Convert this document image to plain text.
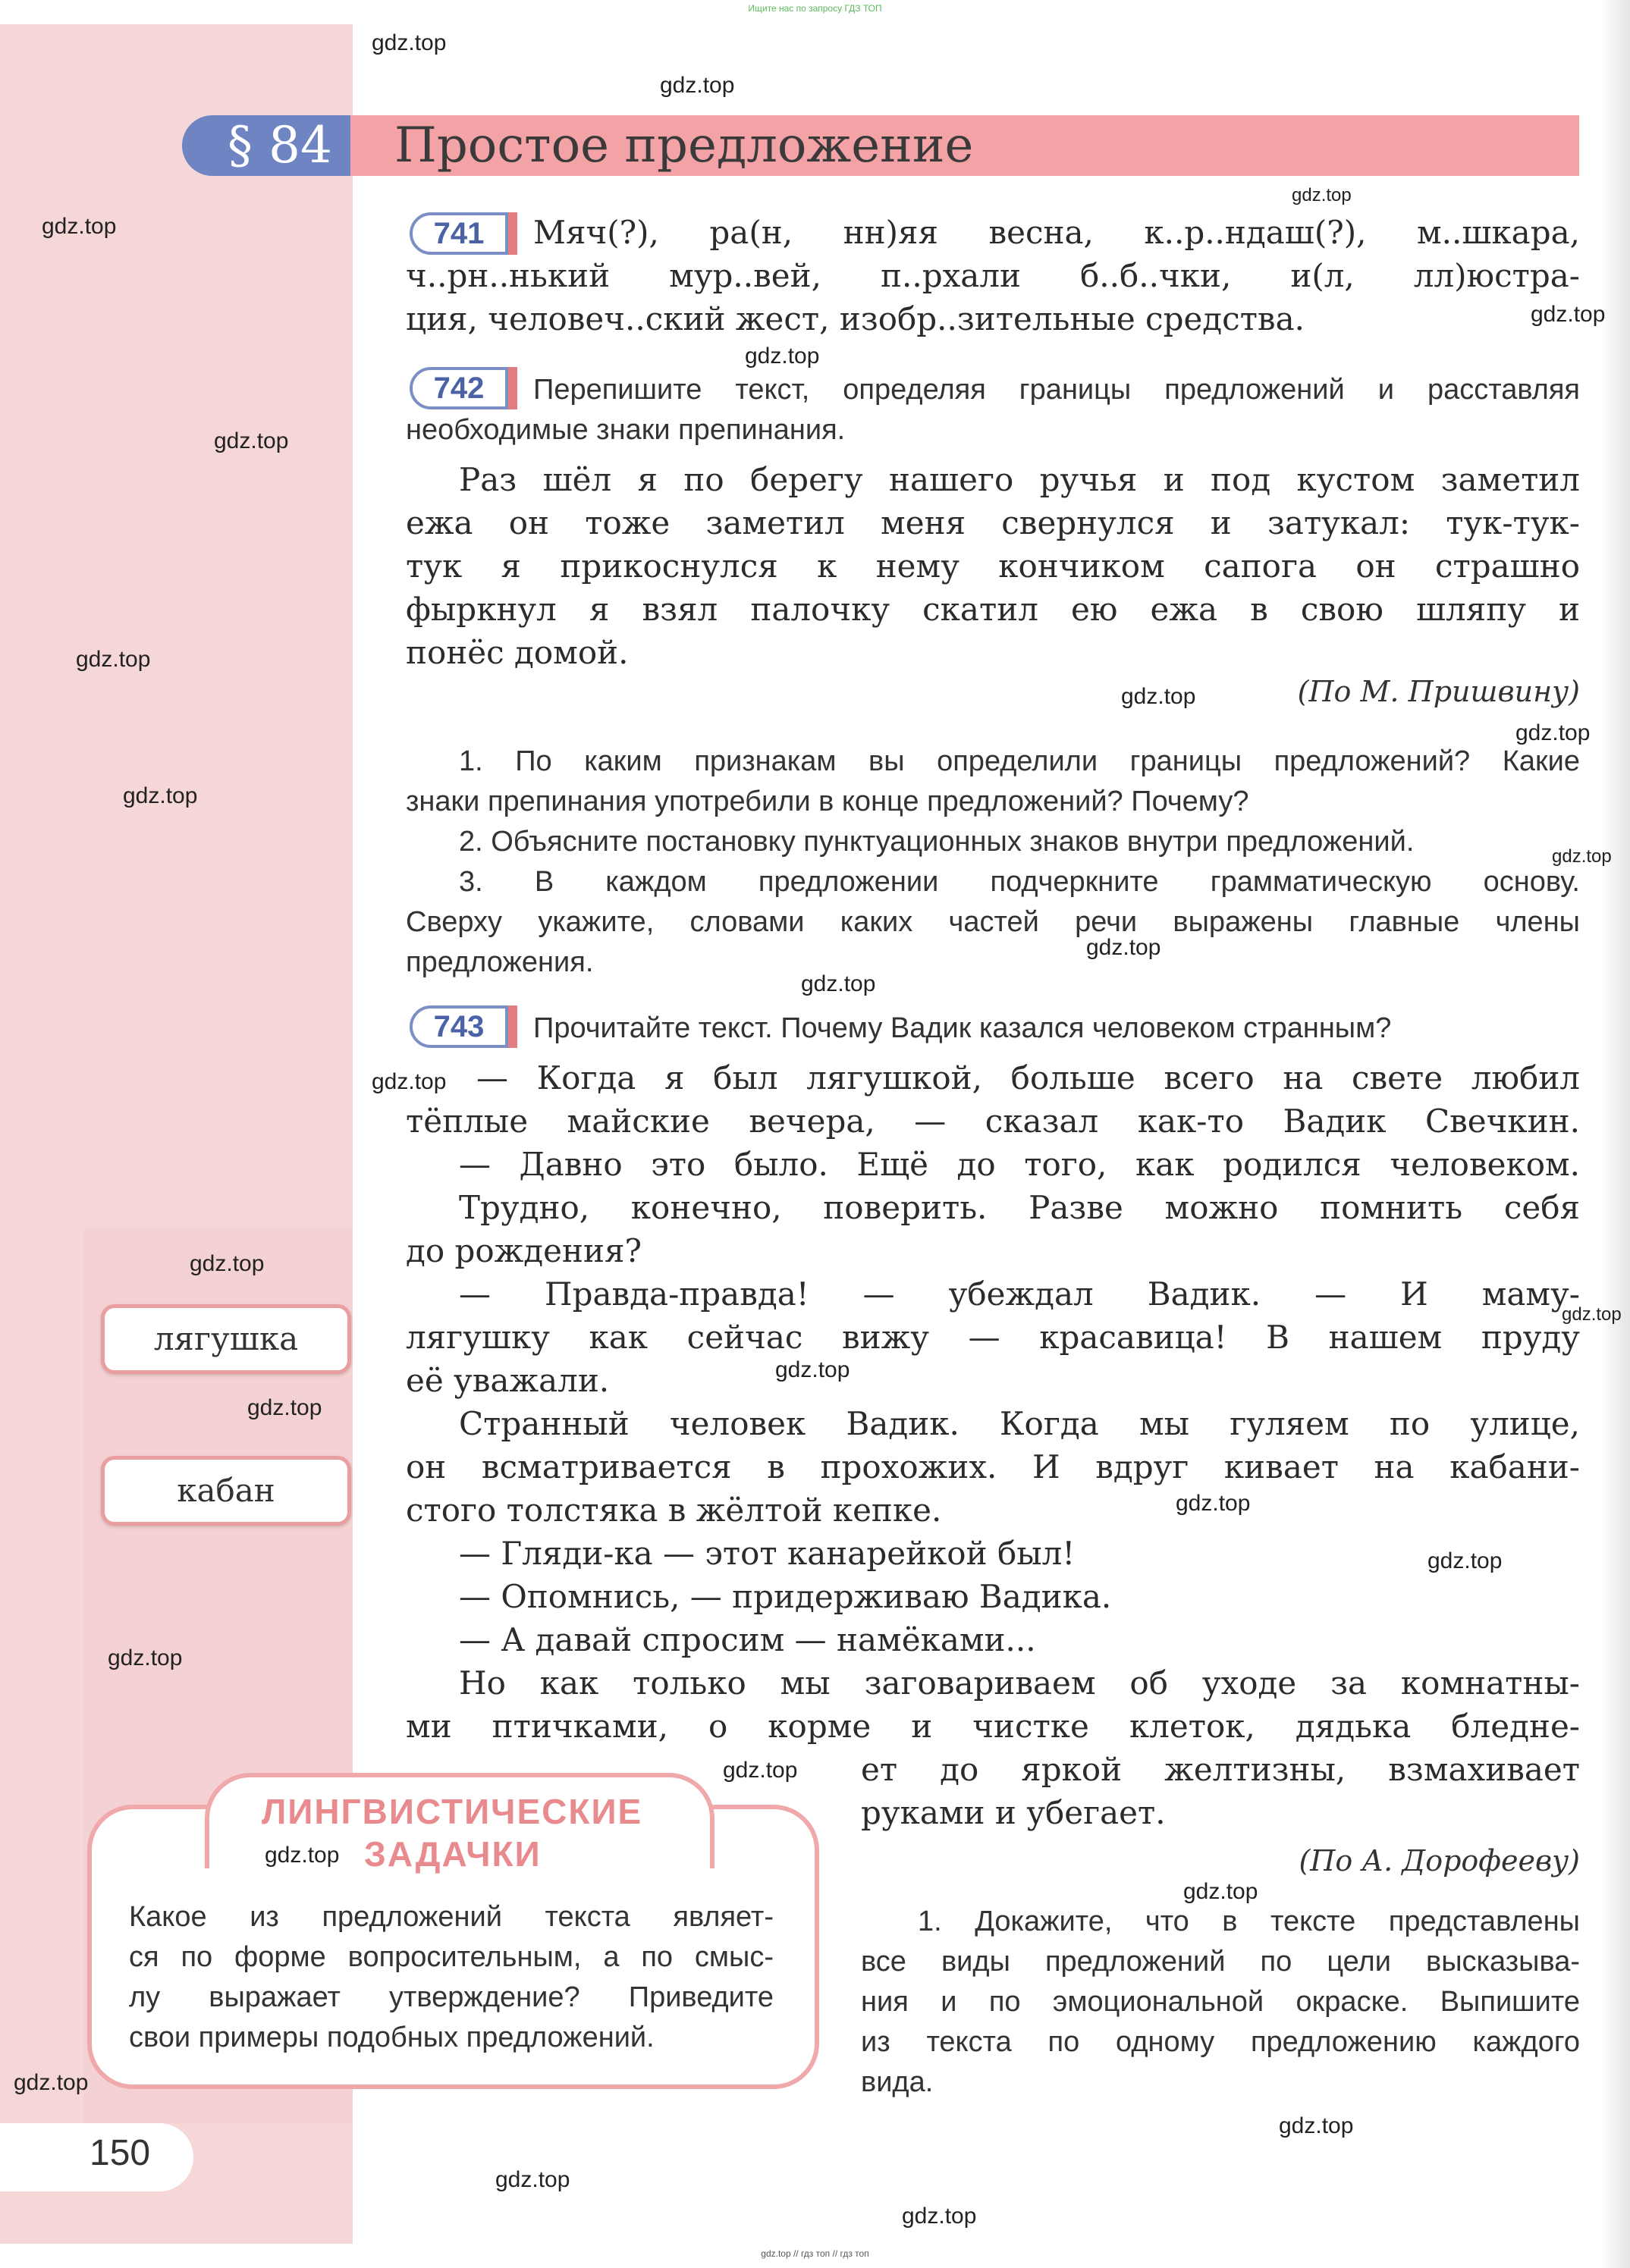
Ищите нас по запросу ГДЗ ТОП
§ 84 Простое предложение
741	Мяч(?), ра(н, нн)яя весна, к..р..ндаш(?), м..шкара,
ч..рн..нький мур..вей, п..рхали б..б..чки, и(л, лл)юстра-
ция, человеч..ский жест, изобр..зительные средства.
742	Перепишите текст, определяя границы предложений и расставляя
необходимые знаки препинания.
Раз шёл я по берегу нашего ручья и под кустом заметил
ежа он тоже заметил меня свернулся и затукал: тук-тук-
тук я прикоснулся к нему кончиком сапога он страшно
фыркнул я взял палочку скатил ею ежа в свою шляпу и
понёс домой.
(По М. Пришвину)
1. По каким признакам вы определили границы предложений? Какие
знаки препинания употребили в конце предложений? Почему?
2. Объясните постановку пунктуационных знаков внутри предложений.
3. В каждом предложении подчеркните грамматическую основу.
Сверху укажите, словами каких частей речи выражены главные члены
предложения.
743	Прочитайте текст. Почему Вадик казался человеком странным?
— Когда я был лягушкой, больше всего на свете любил
тёплые майские вечера, — сказал как-то Вадик Свечкин.
— Давно это было. Ещё до того, как родился человеком.
Трудно, конечно, поверить. Разве можно помнить себя
до рождения?
— Правда-правда! — убеждал Вадик. — И маму-
лягушку как сейчас вижу — красавица! В нашем пруду
её уважали.
Странный человек Вадик. Когда мы гуляем по улице,
он всматривается в прохожих. И вдруг кивает на кабани-
стого толстяка в жёлтой кепке.
— Гляди-ка — этот канарейкой был!
— Опомнись, — придерживаю Вадика.
— А давай спросим — намёками...
Но как только мы заговариваем об уходе за комнатны-
ми птичками, о корме и чистке клеток, дядька бледне-
ет до яркой желтизны, взмахивает
руками и убегает.
(По А. Дорофееву)
1. Докажите, что в тексте представлены
все виды предложений по цели высказыва-
ния и по эмоциональной окраске. Выпишите
из текста по одному предложению каждого
вида.
лягушка
кабан
ЛИНГВИСТИЧЕСКИЕ
ЗАДАЧКИ
Какое из предложений текста являет-
ся по форме вопросительным, а по смыс-
лу выражает утверждение? Приведите
свои примеры подобных предложений.
150
gdz.top
gdz.top
gdz.top
gdz.top
gdz.top
gdz.top
gdz.top
gdz.top
gdz.top
gdz.top
gdz.top
gdz.top
gdz.top
gdz.top
gdz.top
gdz.top
gdz.top
gdz.top
gdz.top
gdz.top
gdz.top
gdz.top
gdz.top
gdz.top
gdz.top
gdz.top
gdz.top
gdz.top
gdz.top
gdz.top // гдз топ // гдз топ
